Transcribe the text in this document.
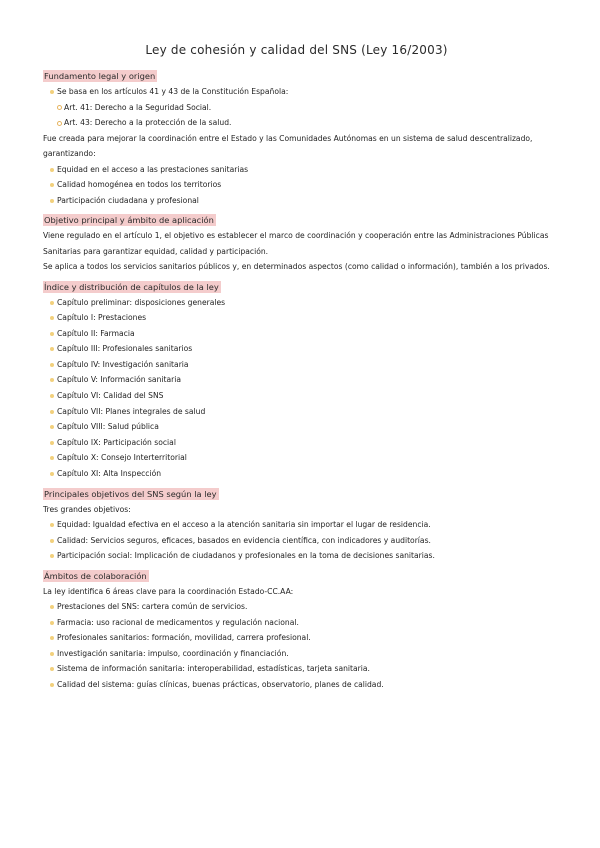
Ley de cohesión y calidad del SNS (Ley 16/2003)
Fundamento legal y origen
Se basa en los artículos 41 y 43 de la Constitución Española:
Art. 41: Derecho a la Seguridad Social.
Art. 43: Derecho a la protección de la salud.

Fue creada para mejorar la coordinación entre el Estado y las Comunidades Autónomas en un sistema de salud descentralizado, garantizando:

Equidad en el acceso a las prestaciones sanitarias
Calidad homogénea en todos los territorios
Participación ciudadana y profesional
Objetivo principal y ámbito de aplicación

Viene regulado en el artículo 1, el objetivo es establecer el marco de coordinación y cooperación entre las Administraciones Públicas Sanitarias para garantizar equidad, calidad y participación.

Se aplica a todos los servicios sanitarios públicos y, en determinados aspectos (como calidad o información), también a los privados.

Índice y distribución de capítulos de la ley
Capítulo preliminar: disposiciones generales
Capítulo I: Prestaciones
Capítulo II: Farmacia
Capítulo III: Profesionales sanitarios
Capítulo IV: Investigación sanitaria
Capítulo V: Información sanitaria
Capítulo VI: Calidad del SNS
Capítulo VII: Planes integrales de salud
Capítulo VIII: Salud pública
Capítulo IX: Participación social
Capítulo X: Consejo Interterritorial
Capítulo XI: Alta Inspección
Principales objetivos del SNS según la ley

Tres grandes objetivos:

Equidad: Igualdad efectiva en el acceso a la atención sanitaria sin importar el lugar de residencia.
Calidad: Servicios seguros, eficaces, basados en evidencia científica, con indicadores y auditorías.
Participación social: Implicación de ciudadanos y profesionales en la toma de decisiones sanitarias.
Ámbitos de colaboración

La ley identifica 6 áreas clave para la coordinación Estado-CC.AA:

Prestaciones del SNS: cartera común de servicios.
Farmacia: uso racional de medicamentos y regulación nacional.
Profesionales sanitarios: formación, movilidad, carrera profesional.
Investigación sanitaria: impulso, coordinación y financiación.
Sistema de información sanitaria: interoperabilidad, estadísticas, tarjeta sanitaria.
Calidad del sistema: guías clínicas, buenas prácticas, observatorio, planes de calidad.
